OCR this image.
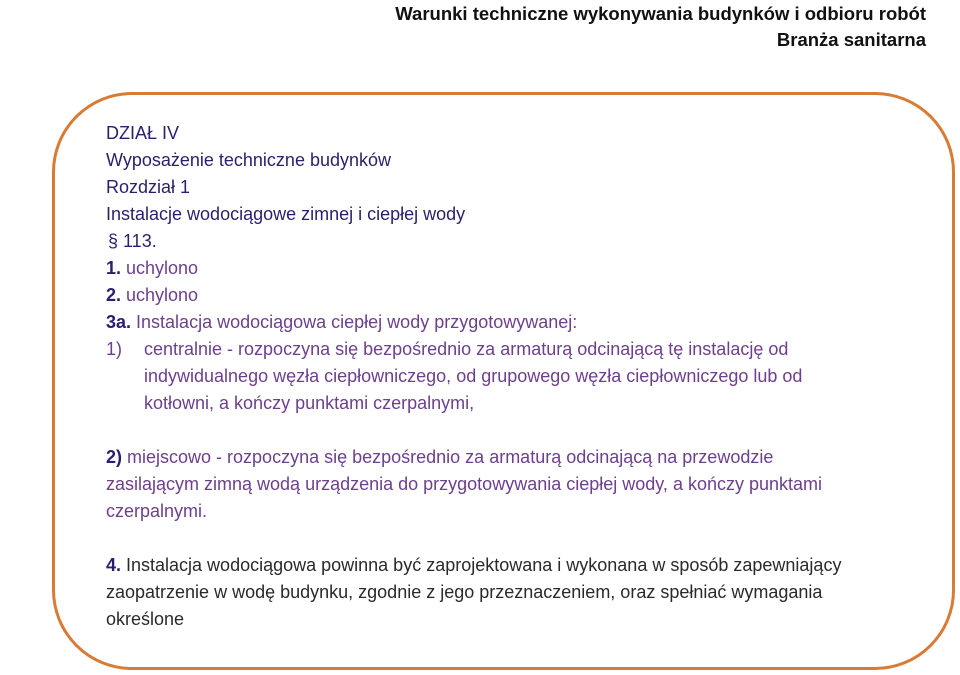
Warunki techniczne wykonywania budynków i odbioru robót
Branża sanitarna
DZIAŁ IV
Wyposażenie techniczne budynków
Rozdział 1
Instalacje wodociągowe zimnej i ciepłej wody
§ 113.
1. uchylono
2. uchylono
3a. Instalacja wodociągowa ciepłej wody przygotowywanej:
1) centralnie - rozpoczyna się bezpośrednio za armaturą odcinającą tę instalację od
indywidualnego węzła ciepłowniczego, od grupowego węzła ciepłowniczego lub od
kotłowni, a kończy punktami czerpalnymi,
2) miejscowo - rozpoczyna się bezpośrednio za armaturą odcinającą na przewodzie
zasilającym zimną wodą urządzenia do przygotowywania ciepłej wody, a kończy punktami
czerpalnymi.
4. Instalacja wodociągowa powinna być zaprojektowana i wykonana w sposób zapewniający
zaopatrzenie w wodę budynku, zgodnie z jego przeznaczeniem, oraz spełniać wymagania
określone
